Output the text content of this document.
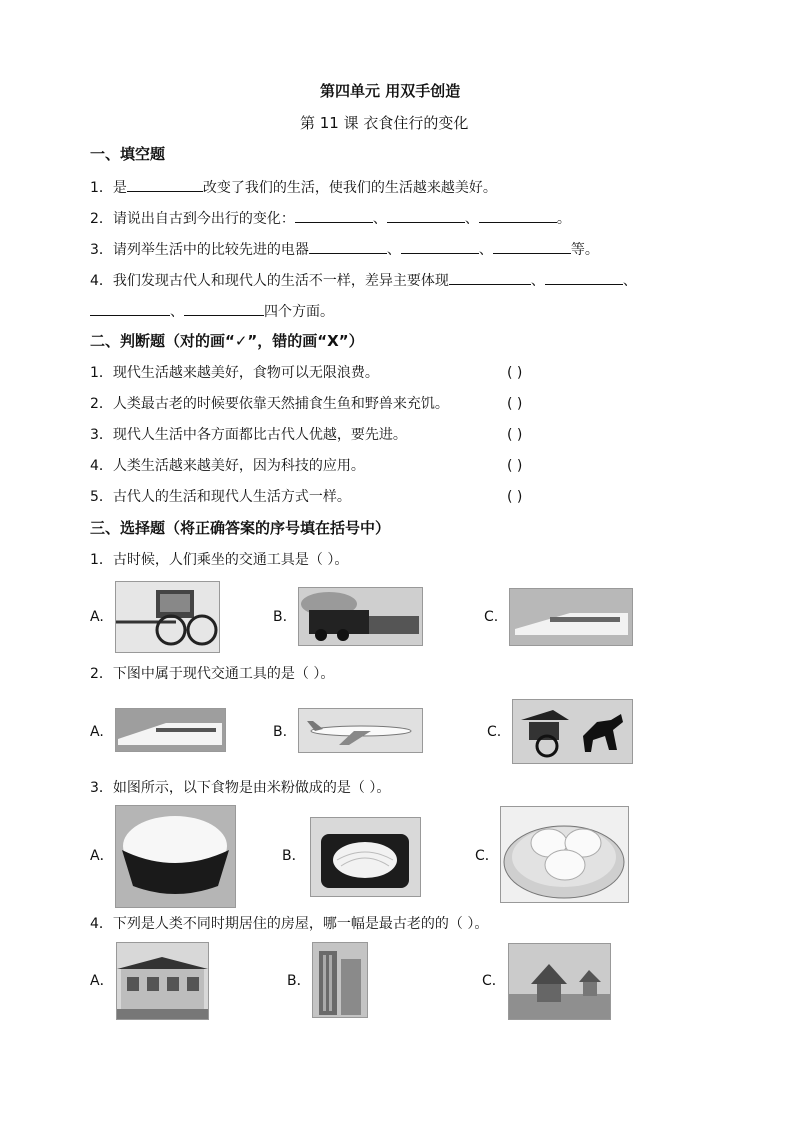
第四单元 用双手创造
第 11 课 衣食住行的变化
一、填空题
1．是	改变了我们的生活，使我们的生活越来越美好。
2．请说出自古到今出行的变化：	、	、	。
3．请列举生活中的比较先进的电器	、	、	等。
4．我们发现古代人和现代人的生活不一样，差异主要体现	、	、
、	四个方面。
二、判断题（对的画“✓”，错的画“X”）
1．现代生活越来越美好，食物可以无限浪费。	( )
2．人类最古老的时候要依靠天然捕食生鱼和野兽来充饥。	( )
3．现代人生活中各方面都比古代人优越，要先进。	( )
4．人类生活越来越美好，因为科技的应用。	( )
5．古代人的生活和现代人生活方式一样。	( )
三、选择题（将正确答案的序号填在括号中）
1．古时候，人们乘坐的交通工具是（ ）。
A.	B.	C.
2．下图中属于现代交通工具的是（ ）。
A.	B.	C.
3．如图所示，以下食物是由米粉做成的是（ ）。
A．	B．	C．
4．下列是人类不同时期居住的房屋，哪一幅是最古老的的（ ）。
A．	B．	C．
